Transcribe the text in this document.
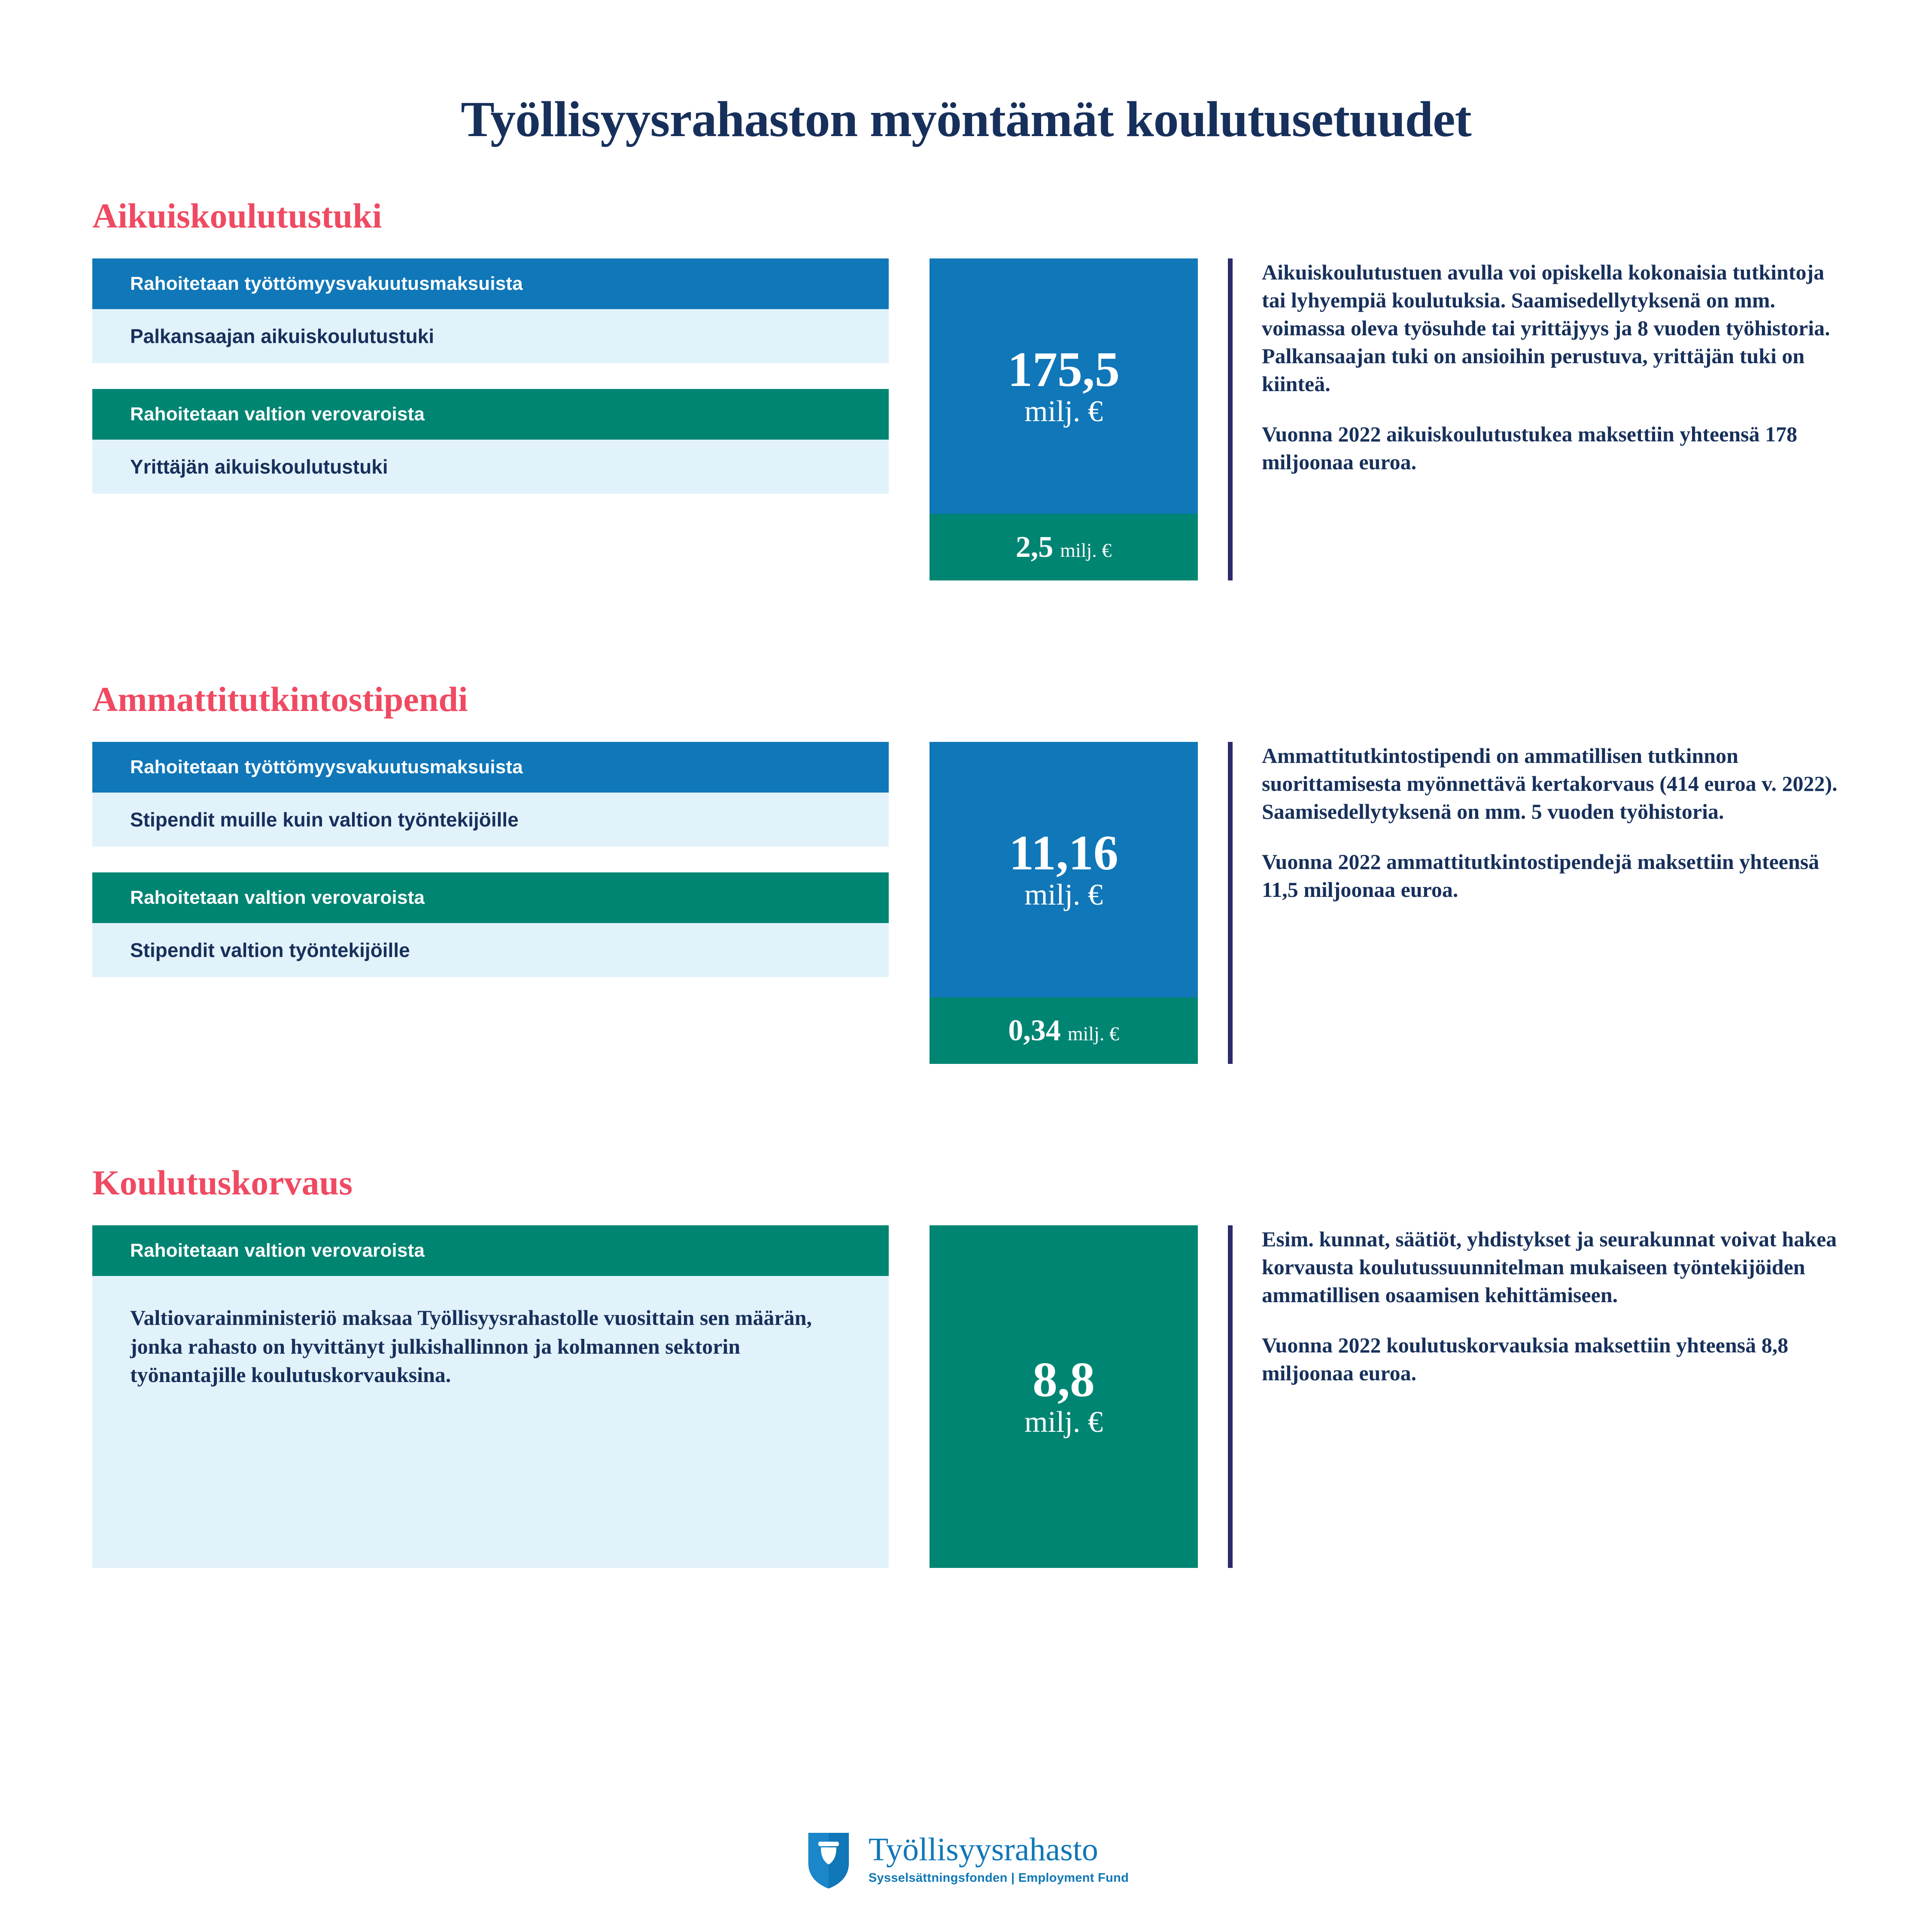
Työllisyysrahaston myöntämät koulutusetuudet
Aikuiskoulutustuki
Rahoitetaan työttömyysvakuutusmaksuista
Palkansaajan aikuiskoulutustuki
Rahoitetaan valtion verovaroista
Yrittäjän aikuiskoulutustuki
175,5
milj. €
2,5 milj. €

Aikuiskoulutustuen avulla voi opiskella kokonaisia tutkintoja tai lyhyempiä koulutuksia. Saamisedellytyksenä on mm. voimassa oleva työsuhde tai yrittäjyys ja 8 vuoden työhistoria. Palkansaajan tuki on ansioihin perustuva, yrittäjän tuki on kiinteä.

Vuonna 2022 aikuiskoulutustukea maksettiin yhteensä 178 miljoonaa euroa.

Ammattitutkintostipendi
Rahoitetaan työttömyysvakuutusmaksuista
Stipendit muille kuin valtion työntekijöille
Rahoitetaan valtion verovaroista
Stipendit valtion työntekijöille
11,16
milj. €
0,34 milj. €

Ammattitutkintostipendi on ammatillisen tutkinnon suorittamisesta myönnettävä kertakorvaus (414 euroa v. 2022). Saamisedellytyksenä on mm. 5 vuoden työhistoria.

Vuonna 2022 ammattitutkintostipendejä maksettiin yhteensä 11,5 miljoonaa euroa.

Koulutuskorvaus
Rahoitetaan valtion verovaroista
Valtiovarainministeriö maksaa Työllisyysrahastolle vuosittain sen määrän, jonka rahasto on hyvittänyt julkishallinnon ja kolmannen sektorin työnantajille koulutuskorvauksina.	8,8
milj. €

Esim. kunnat, säätiöt, yhdistykset ja seurakunnat voivat hakea korvausta koulutussuunnitelman mukaiseen työntekijöiden ammatillisen osaamisen kehittämiseen.

Vuonna 2022 koulutuskorvauksia maksettiin yhteensä 8,8 miljoonaa euroa.

Työllisyysrahasto
Sysselsättningsfonden | Employment Fund
